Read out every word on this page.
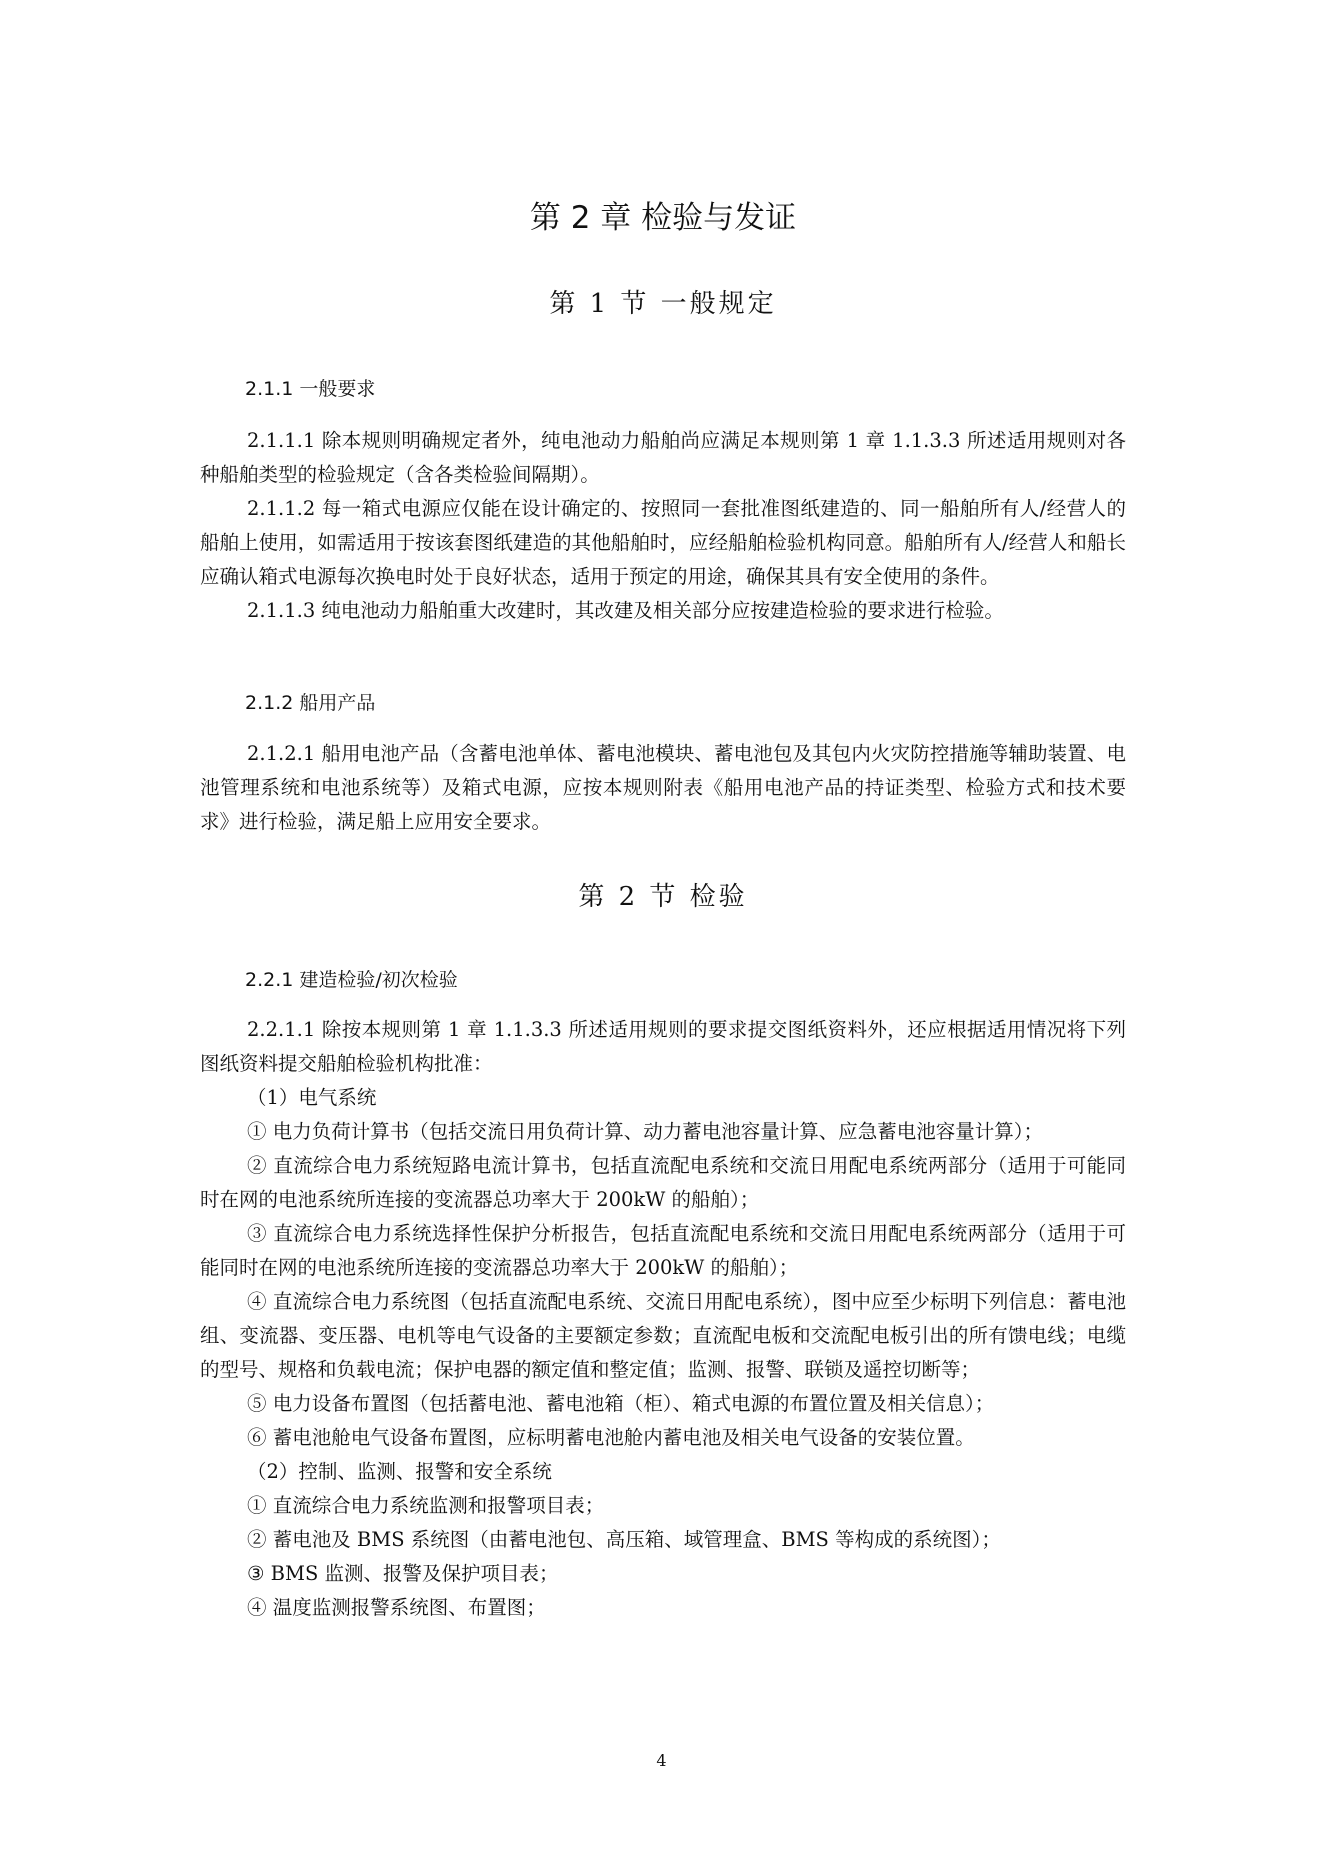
第 2 章 检验与发证
第 1 节 一般规定
2.1.1 一般要求

2.1.1.1 除本规则明确规定者外，纯电池动力船舶尚应满足本规则第 1 章 1.1.3.3 所述适用规则对各种船舶类型的检验规定（含各类检验间隔期）。

2.1.1.2 每一箱式电源应仅能在设计确定的、按照同一套批准图纸建造的、同一船舶所有人/经营人的船舶上使用，如需适用于按该套图纸建造的其他船舶时，应经船舶检验机构同意。船舶所有人/经营人和船长应确认箱式电源每次换电时处于良好状态，适用于预定的用途，确保其具有安全使用的条件。

2.1.1.3 纯电池动力船舶重大改建时，其改建及相关部分应按建造检验的要求进行检验。

2.1.2 船用产品

2.1.2.1 船用电池产品（含蓄电池单体、蓄电池模块、蓄电池包及其包内火灾防控措施等辅助装置、电池管理系统和电池系统等）及箱式电源，应按本规则附表《船用电池产品的持证类型、检验方式和技术要求》进行检验，满足船上应用安全要求。

第 2 节 检验
2.2.1 建造检验/初次检验

2.2.1.1 除按本规则第 1 章 1.1.3.3 所述适用规则的要求提交图纸资料外，还应根据适用情况将下列图纸资料提交船舶检验机构批准：

（1）电气系统

① 电力负荷计算书（包括交流日用负荷计算、动力蓄电池容量计算、应急蓄电池容量计算）；

② 直流综合电力系统短路电流计算书，包括直流配电系统和交流日用配电系统两部分（适用于可能同时在网的电池系统所连接的变流器总功率大于 200kW 的船舶）；

③ 直流综合电力系统选择性保护分析报告，包括直流配电系统和交流日用配电系统两部分（适用于可能同时在网的电池系统所连接的变流器总功率大于 200kW 的船舶）；

④ 直流综合电力系统图（包括直流配电系统、交流日用配电系统），图中应至少标明下列信息：蓄电池组、变流器、变压器、电机等电气设备的主要额定参数；直流配电板和交流配电板引出的所有馈电线；电缆的型号、规格和负载电流；保护电器的额定值和整定值；监测、报警、联锁及遥控切断等；

⑤ 电力设备布置图（包括蓄电池、蓄电池箱（柜）、箱式电源的布置位置及相关信息）；

⑥ 蓄电池舱电气设备布置图，应标明蓄电池舱内蓄电池及相关电气设备的安装位置。

（2）控制、监测、报警和安全系统

① 直流综合电力系统监测和报警项目表；

② 蓄电池及 BMS 系统图（由蓄电池包、高压箱、域管理盒、BMS 等构成的系统图）；

③ BMS 监测、报警及保护项目表；

④ 温度监测报警系统图、布置图；

4
